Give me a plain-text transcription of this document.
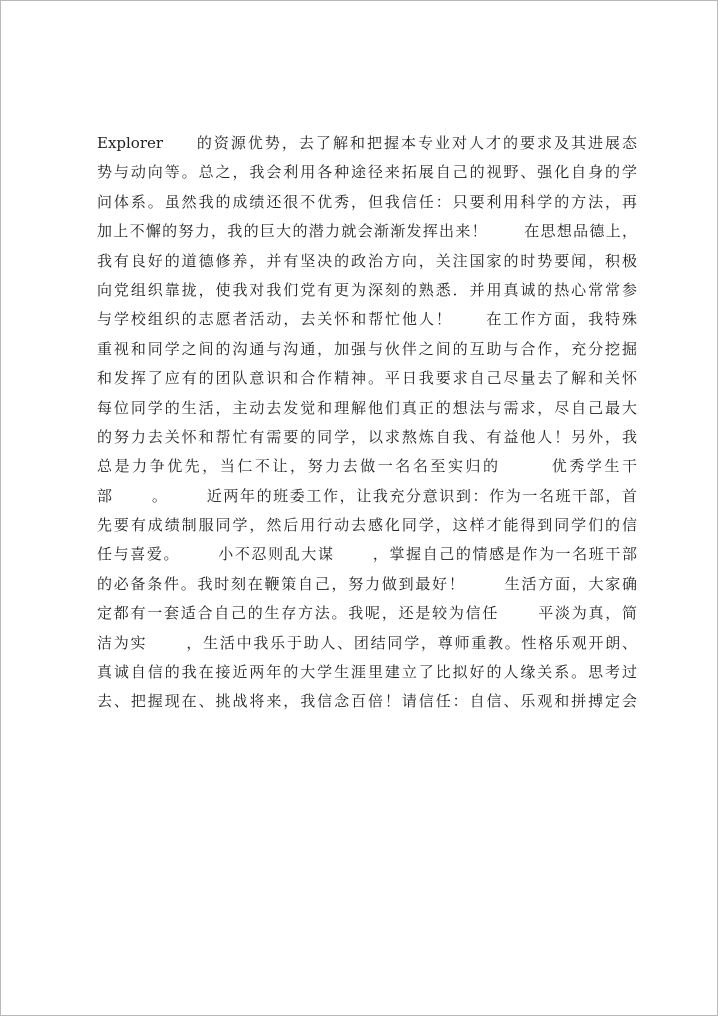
Explorer     的资源优势，去了解和把握本专业对人才的要求及其进展态
势与动向等。总之，我会利用各种途径来拓展自己的视野、强化自身的学
问体系。虽然我的成绩还很不优秀，但我信任：只要利用科学的方法，再
加上不懈的努力，我的巨大的潜力就会渐渐发挥出来！      在思想品德上，
我有良好的道德修养，并有坚决的政治方向，关注国家的时势要闻，积极
向党组织靠拢，使我对我们党有更为深刻的熟悉．并用真诚的热心常常参
与学校组织的志愿者活动，去关怀和帮忙他人！     在工作方面，我特殊
重视和同学之间的沟通与沟通，加强与伙伴之间的互助与合作，充分挖掘
和发挥了应有的团队意识和合作精神。平日我要求自己尽量去了解和关怀
每位同学的生活，主动去发觉和理解他们真正的想法与需求，尽自己最大
的努力去关怀和帮忙有需要的同学，以求熬炼自我、有益他人！另外，我
总是力争优先，当仁不让，努力去做一名名至实归的       优秀学生干
部      。      近两年的班委工作，让我充分意识到：作为一名班干部，首
先要有成绩制服同学，然后用行动去感化同学，这样才能得到同学们的信
任与喜爱。      小不忍则乱大谋      ，掌握自己的情感是作为一名班干部
的必备条件。我时刻在鞭策自己，努力做到最好！      生活方面，大家确
定都有一套适合自己的生存方法。我呢，还是较为信任      平淡为真，简
洁为实      ，生活中我乐于助人、团结同学，尊师重教。性格乐观开朗、
真诚自信的我在接近两年的大学生涯里建立了比拟好的人缘关系。思考过
去、把握现在、挑战将来，我信念百倍！请信任：自信、乐观和拼搏定会
